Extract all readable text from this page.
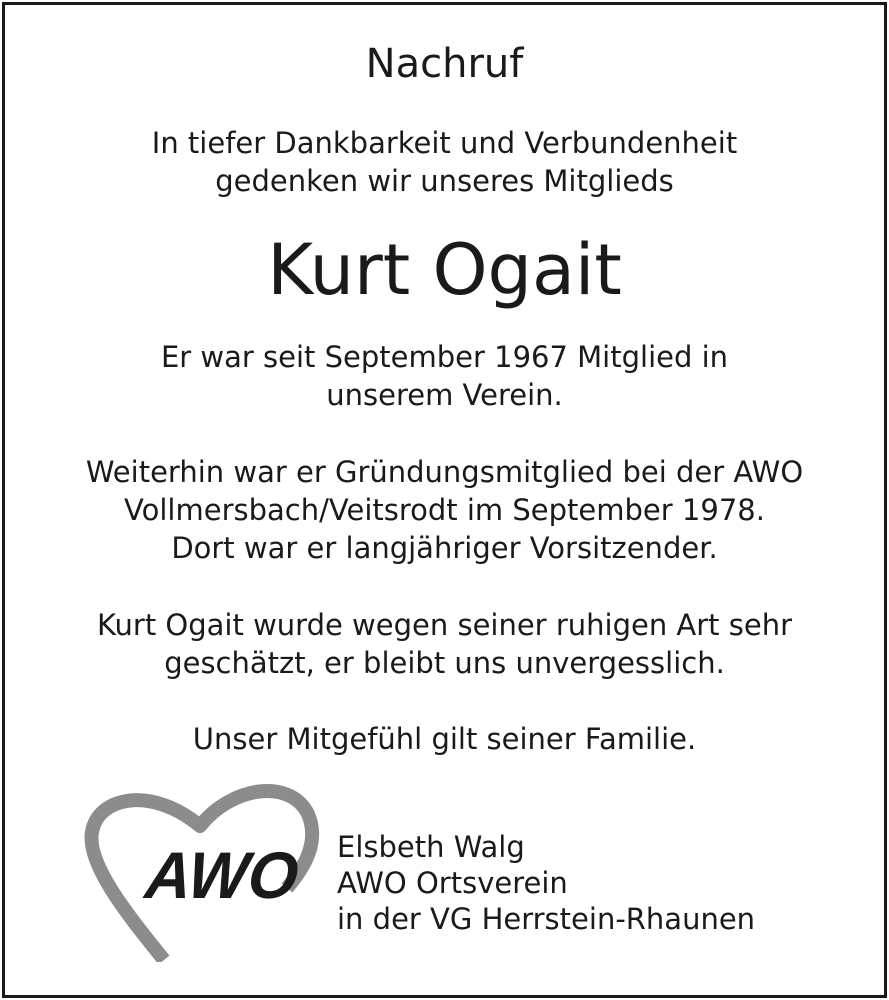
Nachruf
In tiefer Dankbarkeit und Verbundenheit
gedenken wir unseres Mitglieds
Kurt Ogait
Er war seit September 1967 Mitglied in
unserem Verein.
Weiterhin war er Gründungsmitglied bei der AWO
Vollmersbach/Veitsrodt im September 1978.
Dort war er langjähriger Vorsitzender.
Kurt Ogait wurde wegen seiner ruhigen Art sehr
geschätzt, er bleibt uns unvergesslich.
Unser Mitgefühl gilt seiner Familie.
AWO Elsbeth Walg
AWO Ortsverein
in der VG Herrstein-Rhaunen
